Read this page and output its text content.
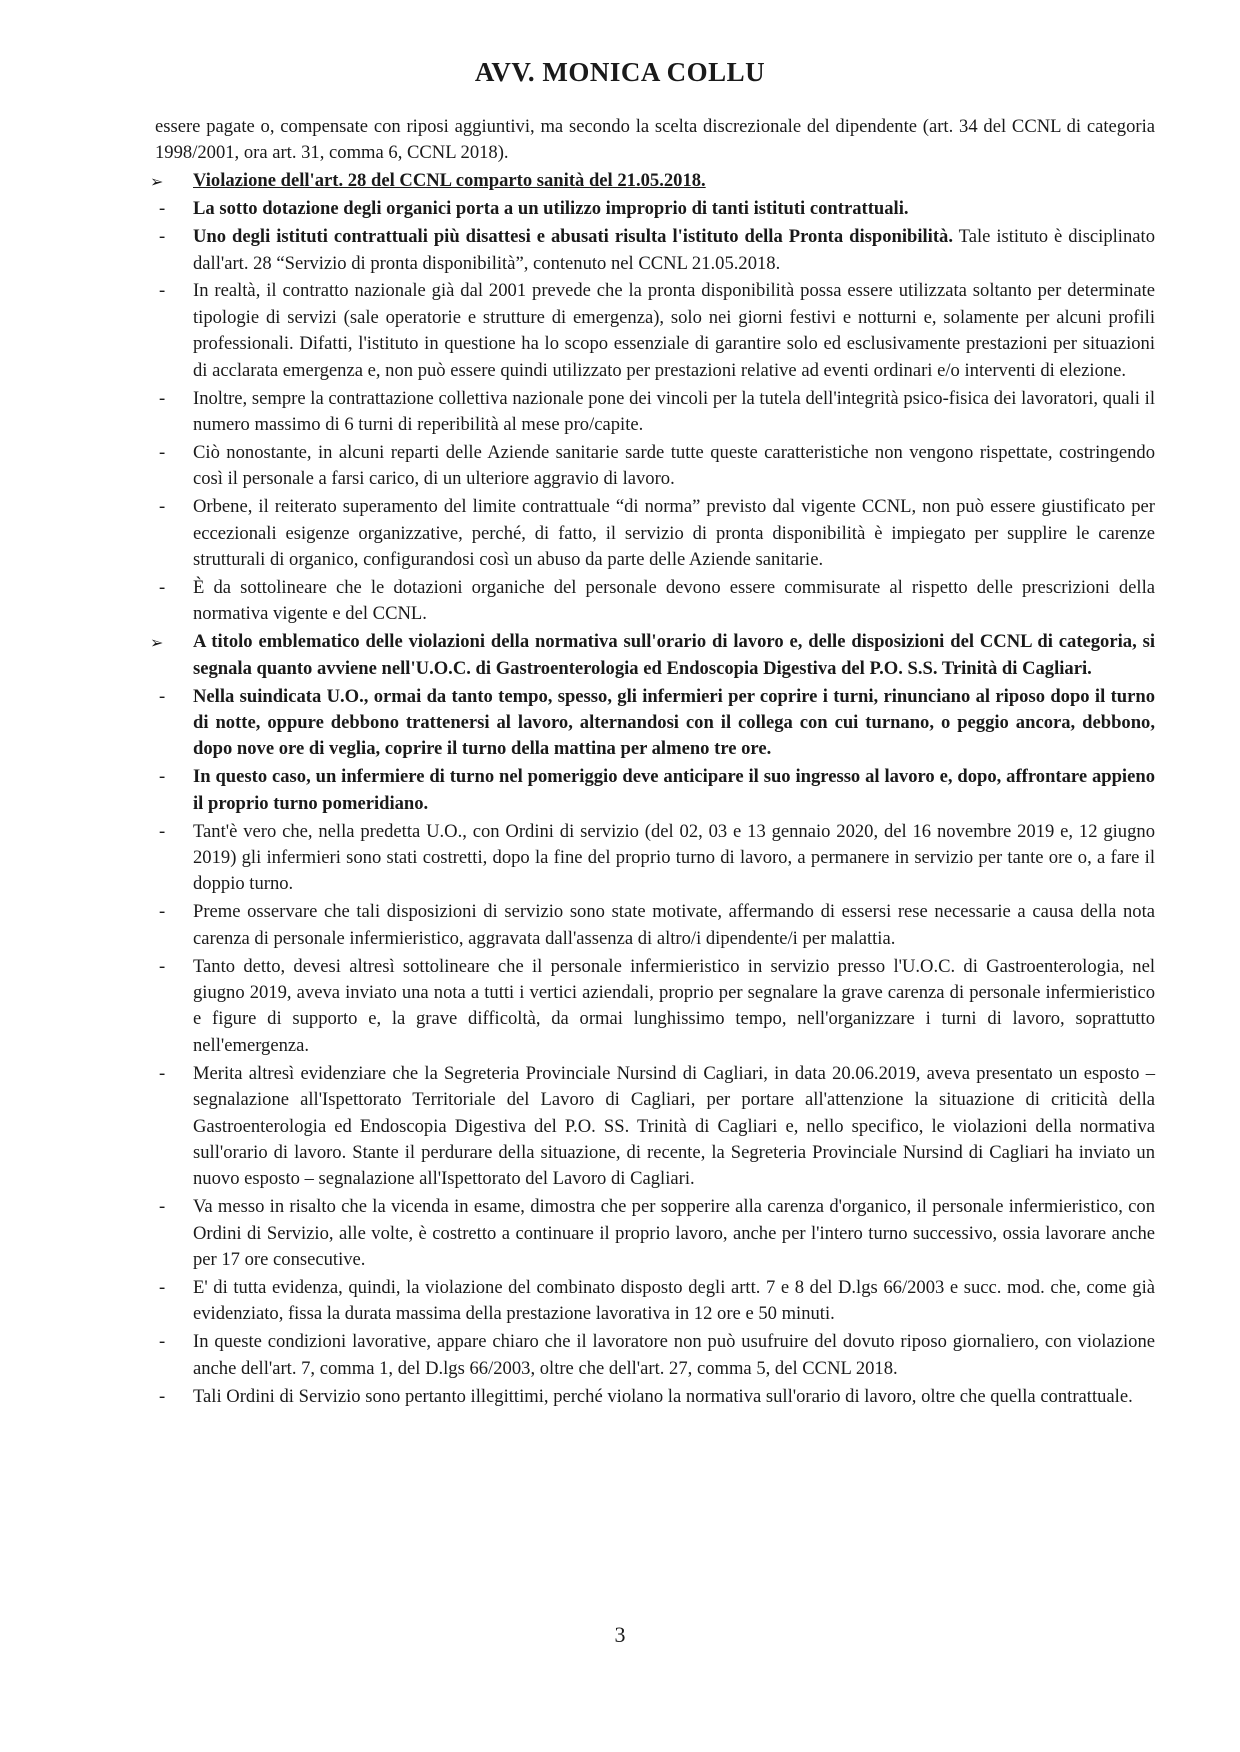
AVV. MONICA COLLU
essere pagate o, compensate con riposi aggiuntivi, ma secondo la scelta discrezionale del dipendente (art. 34 del CCNL di categoria 1998/2001, ora art. 31, comma 6, CCNL 2018).
➢	Violazione dell'art. 28 del CCNL comparto sanità del 21.05.2018.
-	La sotto dotazione degli organici porta a un utilizzo improprio di tanti istituti contrattuali.
-	Uno degli istituti contrattuali più disattesi e abusati risulta l'istituto della Pronta disponibilità. Tale istituto è disciplinato dall'art. 28 “Servizio di pronta disponibilità”, contenuto nel CCNL 21.05.2018.
-	In realtà, il contratto nazionale già dal 2001 prevede che la pronta disponibilità possa essere utilizzata soltanto per determinate tipologie di servizi (sale operatorie e strutture di emergenza), solo nei giorni festivi e notturni e, solamente per alcuni profili professionali. Difatti, l'istituto in questione ha lo scopo essenziale di garantire solo ed esclusivamente prestazioni per situazioni di acclarata emergenza e, non può essere quindi utilizzato per prestazioni relative ad eventi ordinari e/o interventi di elezione.
-	Inoltre, sempre la contrattazione collettiva nazionale pone dei vincoli per la tutela dell'integrità psico-fisica dei lavoratori, quali il numero massimo di 6 turni di reperibilità al mese pro/capite.
-	Ciò nonostante, in alcuni reparti delle Aziende sanitarie sarde tutte queste caratteristiche non vengono rispettate, costringendo così il personale a farsi carico, di un ulteriore aggravio di lavoro.
-	Orbene, il reiterato superamento del limite contrattuale “di norma” previsto dal vigente CCNL, non può essere giustificato per eccezionali esigenze organizzative, perché, di fatto, il servizio di pronta disponibilità è impiegato per supplire le carenze strutturali di organico, configurandosi così un abuso da parte delle Aziende sanitarie.
-	È da sottolineare che le dotazioni organiche del personale devono essere commisurate al rispetto delle prescrizioni della normativa vigente e del CCNL.
➢	A titolo emblematico delle violazioni della normativa sull'orario di lavoro e, delle disposizioni del CCNL di categoria, si segnala quanto avviene nell'U.O.C. di Gastroenterologia ed Endoscopia Digestiva del P.O. S.S. Trinità di Cagliari.
-	Nella suindicata U.O., ormai da tanto tempo, spesso, gli infermieri per coprire i turni, rinunciano al riposo dopo il turno di notte, oppure debbono trattenersi al lavoro, alternandosi con il collega con cui turnano, o peggio ancora, debbono, dopo nove ore di veglia, coprire il turno della mattina per almeno tre ore.
-	In questo caso, un infermiere di turno nel pomeriggio deve anticipare il suo ingresso al lavoro e, dopo, affrontare appieno il proprio turno pomeridiano.
-	Tant'è vero che, nella predetta U.O., con Ordini di servizio (del 02, 03 e 13 gennaio 2020, del 16 novembre 2019 e, 12 giugno 2019) gli infermieri sono stati costretti, dopo la fine del proprio turno di lavoro, a permanere in servizio per tante ore o, a fare il doppio turno.
-	Preme osservare che tali disposizioni di servizio sono state motivate, affermando di essersi rese necessarie a causa della nota carenza di personale infermieristico, aggravata dall'assenza di altro/i dipendente/i per malattia.
-	Tanto detto, devesi altresì sottolineare che il personale infermieristico in servizio presso l'U.O.C. di Gastroenterologia, nel giugno 2019, aveva inviato una nota a tutti i vertici aziendali, proprio per segnalare la grave carenza di personale infermieristico e figure di supporto e, la grave difficoltà, da ormai lunghissimo tempo, nell'organizzare i turni di lavoro, soprattutto nell'emergenza.
-	Merita altresì evidenziare che la Segreteria Provinciale Nursind di Cagliari, in data 20.06.2019, aveva presentato un esposto – segnalazione all'Ispettorato Territoriale del Lavoro di Cagliari, per portare all'attenzione la situazione di criticità della Gastroenterologia ed Endoscopia Digestiva del P.O. SS. Trinità di Cagliari e, nello specifico, le violazioni della normativa sull'orario di lavoro. Stante il perdurare della situazione, di recente, la Segreteria Provinciale Nursind di Cagliari ha inviato un nuovo esposto – segnalazione all'Ispettorato del Lavoro di Cagliari.
-	Va messo in risalto che la vicenda in esame, dimostra che per sopperire alla carenza d'organico, il personale infermieristico, con Ordini di Servizio, alle volte, è costretto a continuare il proprio lavoro, anche per l'intero turno successivo, ossia lavorare anche per 17 ore consecutive.
-	E' di tutta evidenza, quindi, la violazione del combinato disposto degli artt. 7 e 8 del D.lgs 66/2003 e succ. mod. che, come già evidenziato, fissa la durata massima della prestazione lavorativa in 12 ore e 50 minuti.
-	In queste condizioni lavorative, appare chiaro che il lavoratore non può usufruire del dovuto riposo giornaliero, con violazione anche dell'art. 7, comma 1, del D.lgs 66/2003, oltre che dell'art. 27, comma 5, del CCNL 2018.
-	Tali Ordini di Servizio sono pertanto illegittimi, perché violano la normativa sull'orario di lavoro, oltre che quella contrattuale.
3
